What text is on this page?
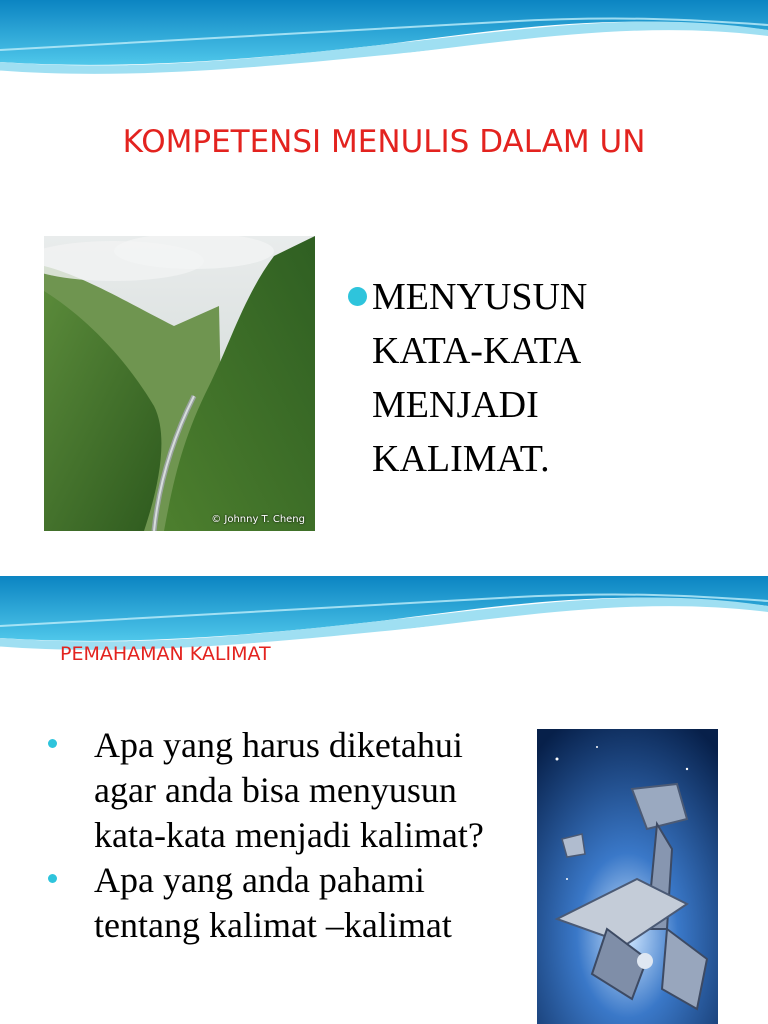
KOMPETENSI MENULIS DALAM UN
© Johnny T. Cheng
MENYUSUN KATA-KATA MENJADI KALIMAT.
PEMAHAMAN KALIMAT
Apa yang harus diketahui agar anda bisa menyusun kata-kata menjadi kalimat?
Apa yang anda pahami tentang kalimat –kalimat
